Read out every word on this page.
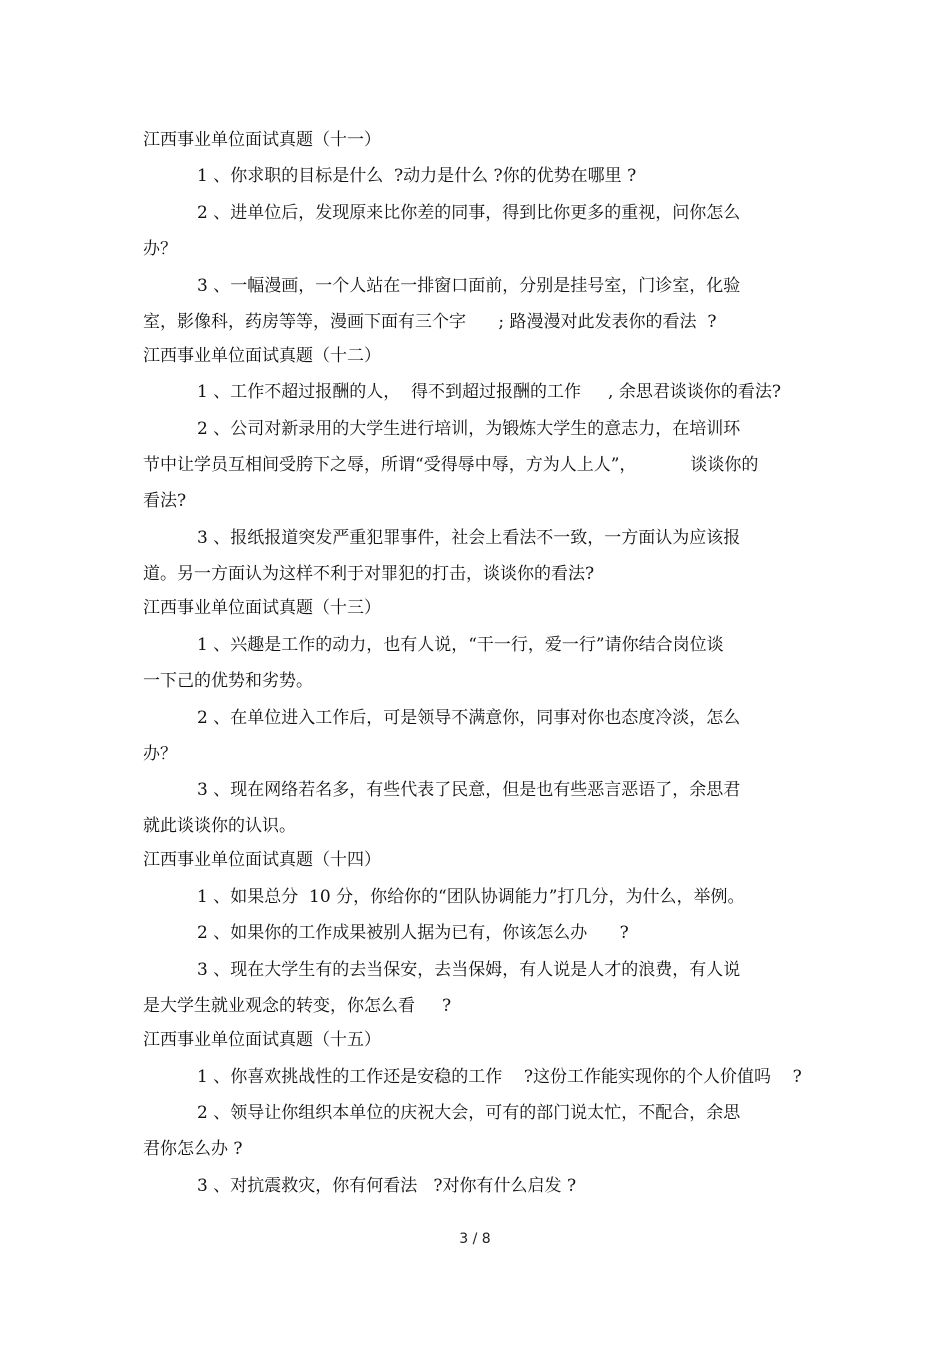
江西事业单位面试真题（十一）
1 、你求职的目标是什么  ?动力是什么 ?你的优势在哪里 ?
2 、进单位后，发现原来比你差的同事，得到比你更多的重视，问你怎么
办？
3 、一幅漫画，一个人站在一排窗口面前，分别是挂号室，门诊室，化验
室，影像科，药房等等，漫画下面有三个字      ; 路漫漫对此发表你的看法  ?
江西事业单位面试真题（十二）
1 、工作不超过报酬的人，  得不到超过报酬的工作     , 余思君谈谈你的看法?
2 、公司对新录用的大学生进行培训，为锻炼大学生的意志力，在培训环
节中让学员互相间受胯下之辱，所谓“受得辱中辱，方为人上人”，          谈谈你的
看法?
3 、报纸报道突发严重犯罪事件，社会上看法不一致，一方面认为应该报
道。另一方面认为这样不利于对罪犯的打击，谈谈你的看法?
江西事业单位面试真题（十三）
1 、兴趣是工作的动力，也有人说，“干一行，爱一行”请你结合岗位谈
一下己的优势和劣势。
2 、在单位进入工作后，可是领导不满意你，同事对你也态度冷淡，怎么
办？
3 、现在网络若名多，有些代表了民意，但是也有些恶言恶语了，余思君
就此谈谈你的认识。
江西事业单位面试真题（十四）
1 、如果总分  10 分，你给你的“团队协调能力”打几分，为什么，举例。
2 、如果你的工作成果被别人据为已有，你该怎么办      ?
3 、现在大学生有的去当保安，去当保姆，有人说是人才的浪费，有人说
是大学生就业观念的转变，你怎么看     ?
江西事业单位面试真题（十五）
1 、你喜欢挑战性的工作还是安稳的工作    ?这份工作能实现你的个人价值吗    ?
2 、领导让你组织本单位的庆祝大会，可有的部门说太忙，不配合，余思
君你怎么办 ?
3 、对抗震救灾，你有何看法   ?对你有什么启发 ?
3 / 8
